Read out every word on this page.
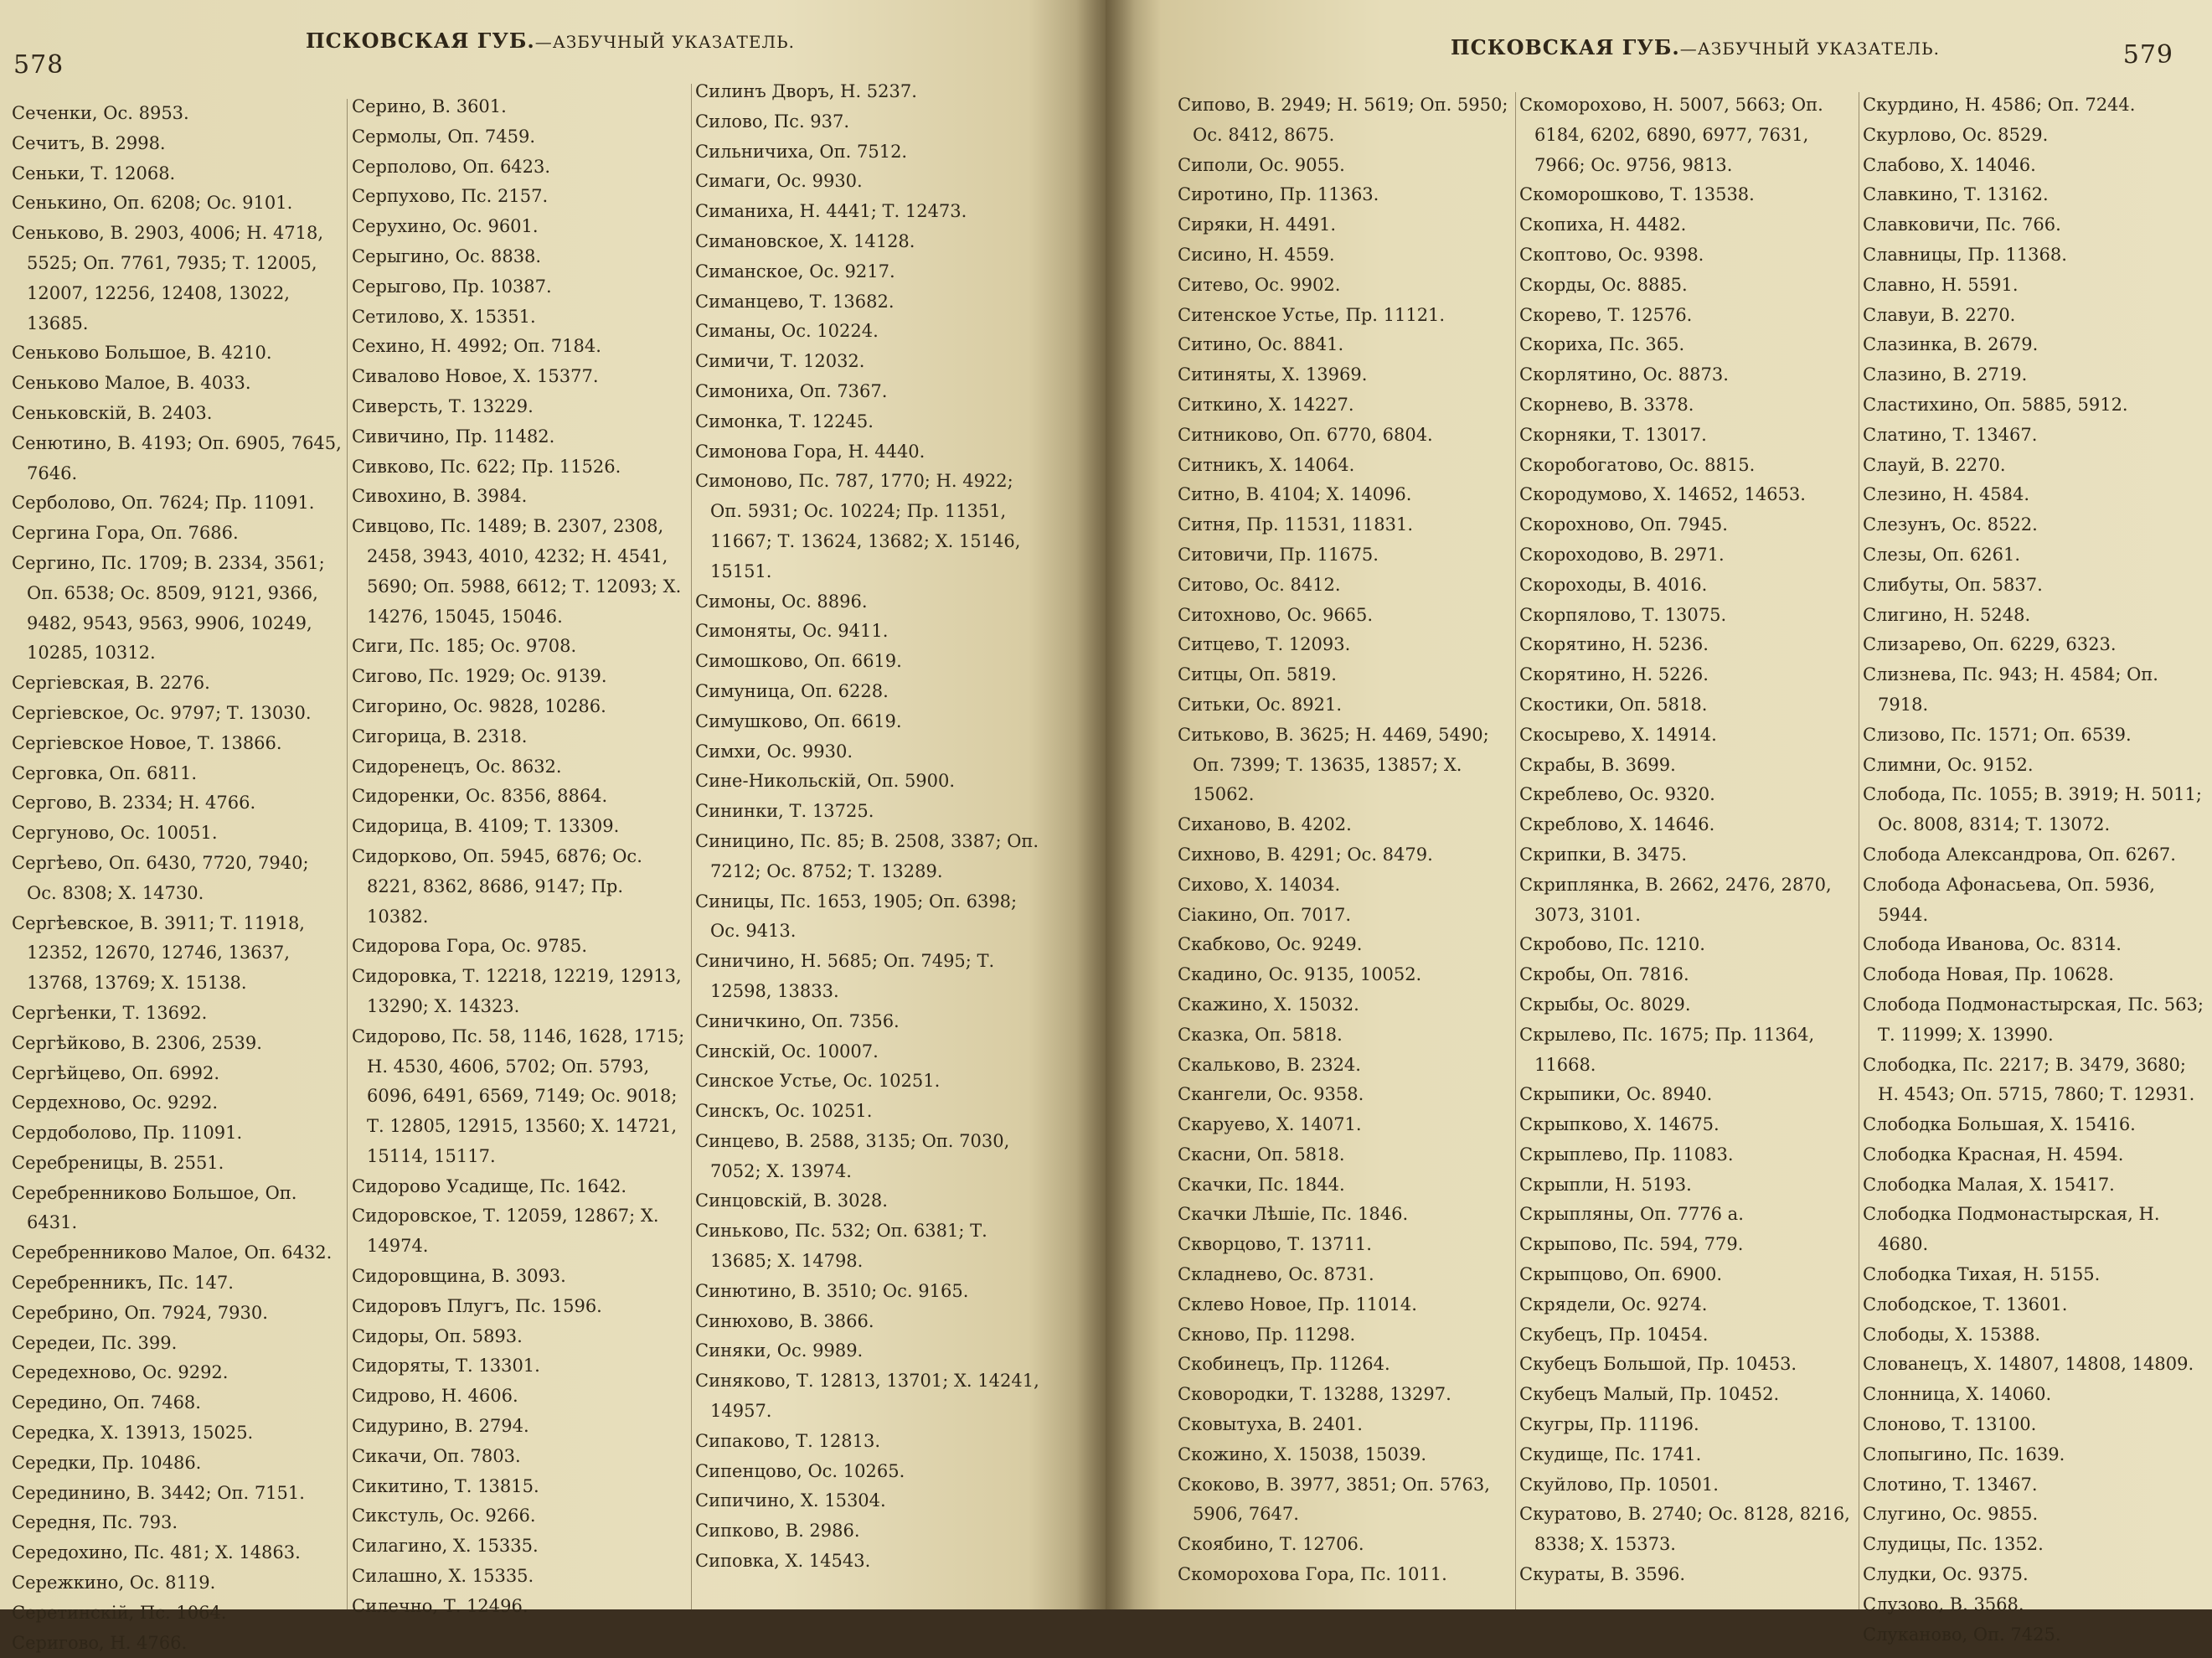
578
ПСКОВСКАЯ ГУБ.—АЗБУЧНЫЙ УКАЗАТЕЛЬ.
Сеченки, Ос. 8953.
Сечитъ, В. 2998.
Сеньки, Т. 12068.
Сенькино, Оп. 6208; Ос. 9101.
Сеньково, В. 2903, 4006; Н. 4718, 5525; Оп. 7761, 7935; Т. 12005, 12007, 12256, 12408, 13022, 13685.
Сеньково Большое, В. 4210.
Сеньково Малое, В. 4033.
Сеньковскій, В. 2403.
Сенютино, В. 4193; Оп. 6905, 7645, 7646.
Серболово, Оп. 7624; Пр. 11091.
Сергина Гора, Оп. 7686.
Сергино, Пс. 1709; В. 2334, 3561; Оп. 6538; Ос. 8509, 9121, 9366, 9482, 9543, 9563, 9906, 10249, 10285, 10312.
Сергіевская, В. 2276.
Сергіевское, Ос. 9797; Т. 13030.
Сергіевское Новое, Т. 13866.
Серговка, Оп. 6811.
Сергово, В. 2334; Н. 4766.
Сергуново, Ос. 10051.
Сергѣево, Оп. 6430, 7720, 7940; Ос. 8308; Х. 14730.
Сергѣевское, В. 3911; Т. 11918, 12352, 12670, 12746, 13637, 13768, 13769; Х. 15138.
Сергѣенки, Т. 13692.
Сергѣйково, В. 2306, 2539.
Сергѣйцево, Оп. 6992.
Сердехново, Ос. 9292.
Сердоболово, Пр. 11091.
Серебреницы, В. 2551.
Серебренниково Большое, Оп. 6431.
Серебренниково Малое, Оп. 6432.
Серебренникъ, Пс. 147.
Серебрино, Оп. 7924, 7930.
Середеи, Пс. 399.
Середехново, Ос. 9292.
Середино, Оп. 7468.
Середка, Х. 13913, 15025.
Середки, Пр. 10486.
Серединино, В. 3442; Оп. 7151.
Середня, Пс. 793.
Середохино, Пс. 481; Х. 14863.
Сережкино, Ос. 8119.
Серетинскій, Пс. 1064.
Серигово, Н. 4766.
Серино, В. 3601.
Сермолы, Оп. 7459.
Серполово, Оп. 6423.
Серпухово, Пс. 2157.
Серухино, Ос. 9601.
Серыгино, Ос. 8838.
Серыгово, Пр. 10387.
Сетилово, Х. 15351.
Сехино, Н. 4992; Оп. 7184.
Сиваловo Новое, Х. 15377.
Сиверсть, Т. 13229.
Сивичино, Пр. 11482.
Сивково, Пс. 622; Пр. 11526.
Сивохино, В. 3984.
Сивцово, Пс. 1489; В. 2307, 2308, 2458, 3943, 4010, 4232; Н. 4541, 5690; Оп. 5988, 6612; Т. 12093; Х. 14276, 15045, 15046.
Сиги, Пс. 185; Ос. 9708.
Сигово, Пс. 1929; Ос. 9139.
Сигорино, Ос. 9828, 10286.
Сигорица, В. 2318.
Сидоренецъ, Ос. 8632.
Сидоренки, Ос. 8356, 8864.
Сидорица, В. 4109; Т. 13309.
Сидорково, Оп. 5945, 6876; Ос. 8221, 8362, 8686, 9147; Пр. 10382.
Сидорова Гора, Ос. 9785.
Сидоровка, Т. 12218, 12219, 12913, 13290; Х. 14323.
Сидорово, Пс. 58, 1146, 1628, 1715; Н. 4530, 4606, 5702; Оп. 5793, 6096, 6491, 6569, 7149; Ос. 9018; Т. 12805, 12915, 13560; Х. 14721, 15114, 15117.
Сидорово Усадище, Пс. 1642.
Сидоровское, Т. 12059, 12867; Х. 14974.
Сидоровщина, В. 3093.
Сидоровъ Плугъ, Пс. 1596.
Сидоры, Оп. 5893.
Сидоряты, Т. 13301.
Сидрово, Н. 4606.
Сидурино, В. 2794.
Сикачи, Оп. 7803.
Сикитино, Т. 13815.
Сикстуль, Ос. 9266.
Силагино, Х. 15335.
Силашно, Х. 15335.
Силечно, Т. 12496.
Силинъ Дворъ, Н. 5237.
Силово, Пс. 937.
Сильничиха, Оп. 7512.
Симаги, Ос. 9930.
Симаниха, Н. 4441; Т. 12473.
Симановское, Х. 14128.
Симанское, Ос. 9217.
Симанцево, Т. 13682.
Симаны, Ос. 10224.
Симичи, Т. 12032.
Симониха, Оп. 7367.
Симонка, Т. 12245.
Симонова Гора, Н. 4440.
Симоново, Пс. 787, 1770; Н. 4922; Оп. 5931; Ос. 10224; Пр. 11351, 11667; Т. 13624, 13682; Х. 15146, 15151.
Симоны, Ос. 8896.
Симоняты, Ос. 9411.
Симошково, Оп. 6619.
Симуница, Оп. 6228.
Симушково, Оп. 6619.
Симхи, Ос. 9930.
Сине-Никольскій, Оп. 5900.
Сининки, Т. 13725.
Синицино, Пс. 85; В. 2508, 3387; Оп. 7212; Ос. 8752; Т. 13289.
Синицы, Пс. 1653, 1905; Оп. 6398; Ос. 9413.
Синичино, Н. 5685; Оп. 7495; Т. 12598, 13833.
Синичкино, Оп. 7356.
Синскій, Ос. 10007.
Синское Устье, Ос. 10251.
Синскъ, Ос. 10251.
Синцево, В. 2588, 3135; Оп. 7030, 7052; Х. 13974.
Синцовскій, В. 3028.
Синьково, Пс. 532; Оп. 6381; Т. 13685; Х. 14798.
Синютино, В. 3510; Ос. 9165.
Синюхово, В. 3866.
Синяки, Ос. 9989.
Синяково, Т. 12813, 13701; Х. 14241, 14957.
Сипаково, Т. 12813.
Сипенцово, Ос. 10265.
Сипичино, Х. 15304.
Сипково, В. 2986.
Сиповка, Х. 14543.
ПСКОВСКАЯ ГУБ.—АЗБУЧНЫЙ УКАЗАТЕЛЬ.	579
Сипово, В. 2949; Н. 5619; Оп. 5950; Ос. 8412, 8675.
Сиполи, Ос. 9055.
Сиротино, Пр. 11363.
Сиряки, Н. 4491.
Сисино, Н. 4559.
Ситево, Ос. 9902.
Ситенское Устье, Пр. 11121.
Ситино, Ос. 8841.
Ситиняты, Х. 13969.
Ситкино, Х. 14227.
Ситниково, Оп. 6770, 6804.
Ситникъ, Х. 14064.
Ситно, В. 4104; Х. 14096.
Ситня, Пр. 11531, 11831.
Ситовичи, Пр. 11675.
Ситово, Ос. 8412.
Ситохново, Ос. 9665.
Ситцево, Т. 12093.
Ситцы, Оп. 5819.
Ситьки, Ос. 8921.
Ситьково, В. 3625; Н. 4469, 5490; Оп. 7399; Т. 13635, 13857; Х. 15062.
Сиханово, В. 4202.
Сихново, В. 4291; Ос. 8479.
Сихово, Х. 14034.
Сіакино, Оп. 7017.
Скабково, Ос. 9249.
Скадино, Ос. 9135, 10052.
Скажино, Х. 15032.
Сказка, Оп. 5818.
Скальково, В. 2324.
Скангели, Ос. 9358.
Скаруево, Х. 14071.
Скасни, Оп. 5818.
Скачки, Пс. 1844.
Скачки Лѣшіе, Пс. 1846.
Скворцово, Т. 13711.
Складнево, Ос. 8731.
Склево Новое, Пр. 11014.
Скново, Пр. 11298.
Скобинецъ, Пр. 11264.
Сковородки, Т. 13288, 13297.
Сковытуха, В. 2401.
Скожино, Х. 15038, 15039.
Скоково, В. 3977, 3851; Оп. 5763, 5906, 7647.
Скоябино, Т. 12706.
Скоморохова Гора, Пс. 1011.
Скоморохово, Н. 5007, 5663; Оп. 6184, 6202, 6890, 6977, 7631, 7966; Ос. 9756, 9813.
Скоморошково, Т. 13538.
Скопиха, Н. 4482.
Скоптово, Ос. 9398.
Скорды, Ос. 8885.
Скорево, Т. 12576.
Скориха, Пс. 365.
Скорлятино, Ос. 8873.
Скорнево, В. 3378.
Скорняки, Т. 13017.
Скоробогатово, Ос. 8815.
Скородумово, Х. 14652, 14653.
Скорохново, Оп. 7945.
Скороходово, В. 2971.
Скороходы, В. 4016.
Скорпялово, Т. 13075.
Скорятино, Н. 5236.
Скорятино, Н. 5226.
Скостики, Оп. 5818.
Скосырево, Х. 14914.
Скрабы, В. 3699.
Скреблево, Ос. 9320.
Скреблово, Х. 14646.
Скрипки, В. 3475.
Скриплянка, В. 2662, 2476, 2870, 3073, 3101.
Скробово, Пс. 1210.
Скробы, Оп. 7816.
Скрыбы, Ос. 8029.
Скрылево, Пс. 1675; Пр. 11364, 11668.
Скрыпики, Ос. 8940.
Скрыпково, Х. 14675.
Скрыплево, Пр. 11083.
Скрыпли, Н. 5193.
Скрыпляны, Оп. 7776 а.
Скрыпово, Пс. 594, 779.
Скрыпцово, Оп. 6900.
Скрядели, Ос. 9274.
Скубецъ, Пр. 10454.
Скубецъ Большой, Пр. 10453.
Скубецъ Малый, Пр. 10452.
Скугры, Пр. 11196.
Скудище, Пс. 1741.
Скуйлово, Пр. 10501.
Скуратово, В. 2740; Ос. 8128, 8216, 8338; Х. 15373.
Скураты, В. 3596.
Скурдино, Н. 4586; Оп. 7244.
Скурлово, Ос. 8529.
Слабово, Х. 14046.
Славкино, Т. 13162.
Славковичи, Пс. 766.
Славницы, Пр. 11368.
Славно, Н. 5591.
Славуи, В. 2270.
Слазинка, В. 2679.
Слазино, В. 2719.
Сластихино, Оп. 5885, 5912.
Слатино, Т. 13467.
Слауй, В. 2270.
Слезино, Н. 4584.
Слезунъ, Ос. 8522.
Слезы, Оп. 6261.
Слибуты, Оп. 5837.
Слигино, Н. 5248.
Слизарево, Оп. 6229, 6323.
Слизнева, Пс. 943; Н. 4584; Оп. 7918.
Слизово, Пс. 1571; Оп. 6539.
Слимни, Ос. 9152.
Слобода, Пс. 1055; В. 3919; Н. 5011; Ос. 8008, 8314; Т. 13072.
Слобода Александрова, Оп. 6267.
Слобода Афонасьева, Оп. 5936, 5944.
Слобода Иванова, Ос. 8314.
Слобода Новая, Пр. 10628.
Слобода Подмонастырская, Пс. 563; Т. 11999; Х. 13990.
Слободка, Пс. 2217; В. 3479, 3680; Н. 4543; Оп. 5715, 7860; Т. 12931.
Слободка Большая, Х. 15416.
Слободка Красная, Н. 4594.
Слободка Малая, Х. 15417.
Слободка Подмонастырская, Н. 4680.
Слободка Тихая, Н. 5155.
Слободское, Т. 13601.
Слободы, Х. 15388.
Слованецъ, Х. 14807, 14808, 14809.
Слонница, Х. 14060.
Слоново, Т. 13100.
Слопыгино, Пс. 1639.
Слотино, Т. 13467.
Слугино, Ос. 9855.
Слудицы, Пс. 1352.
Слудки, Ос. 9375.
Слузово, В. 3568.
Слуканово, Оп. 7425.
